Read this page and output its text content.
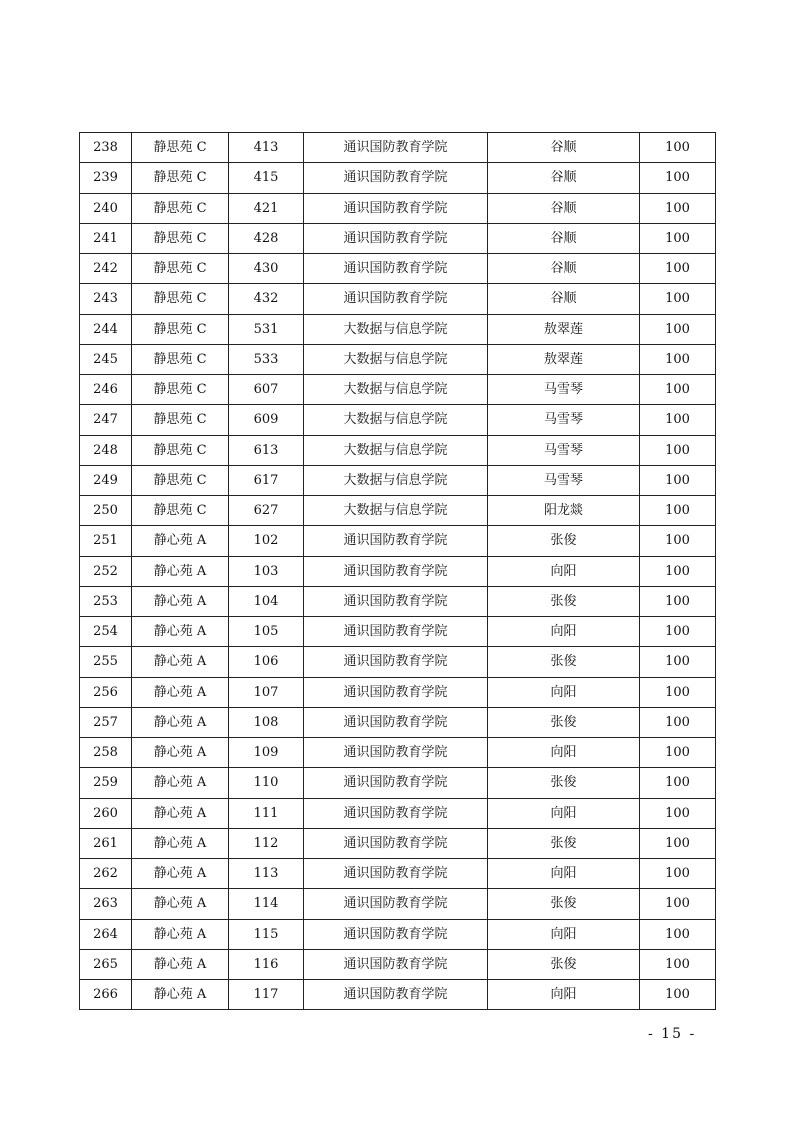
238	静思苑 C	413	通识国防教育学院	谷顺	100
239	静思苑 C	415	通识国防教育学院	谷顺	100
240	静思苑 C	421	通识国防教育学院	谷顺	100
241	静思苑 C	428	通识国防教育学院	谷顺	100
242	静思苑 C	430	通识国防教育学院	谷顺	100
243	静思苑 C	432	通识国防教育学院	谷顺	100
244	静思苑 C	531	大数据与信息学院	敖翠莲	100
245	静思苑 C	533	大数据与信息学院	敖翠莲	100
246	静思苑 C	607	大数据与信息学院	马雪琴	100
247	静思苑 C	609	大数据与信息学院	马雪琴	100
248	静思苑 C	613	大数据与信息学院	马雪琴	100
249	静思苑 C	617	大数据与信息学院	马雪琴	100
250	静思苑 C	627	大数据与信息学院	阳龙燚	100
251	静心苑 A	102	通识国防教育学院	张俊	100
252	静心苑 A	103	通识国防教育学院	向阳	100
253	静心苑 A	104	通识国防教育学院	张俊	100
254	静心苑 A	105	通识国防教育学院	向阳	100
255	静心苑 A	106	通识国防教育学院	张俊	100
256	静心苑 A	107	通识国防教育学院	向阳	100
257	静心苑 A	108	通识国防教育学院	张俊	100
258	静心苑 A	109	通识国防教育学院	向阳	100
259	静心苑 A	110	通识国防教育学院	张俊	100
260	静心苑 A	111	通识国防教育学院	向阳	100
261	静心苑 A	112	通识国防教育学院	张俊	100
262	静心苑 A	113	通识国防教育学院	向阳	100
263	静心苑 A	114	通识国防教育学院	张俊	100
264	静心苑 A	115	通识国防教育学院	向阳	100
265	静心苑 A	116	通识国防教育学院	张俊	100
266	静心苑 A	117	通识国防教育学院	向阳	100
- 15 -
